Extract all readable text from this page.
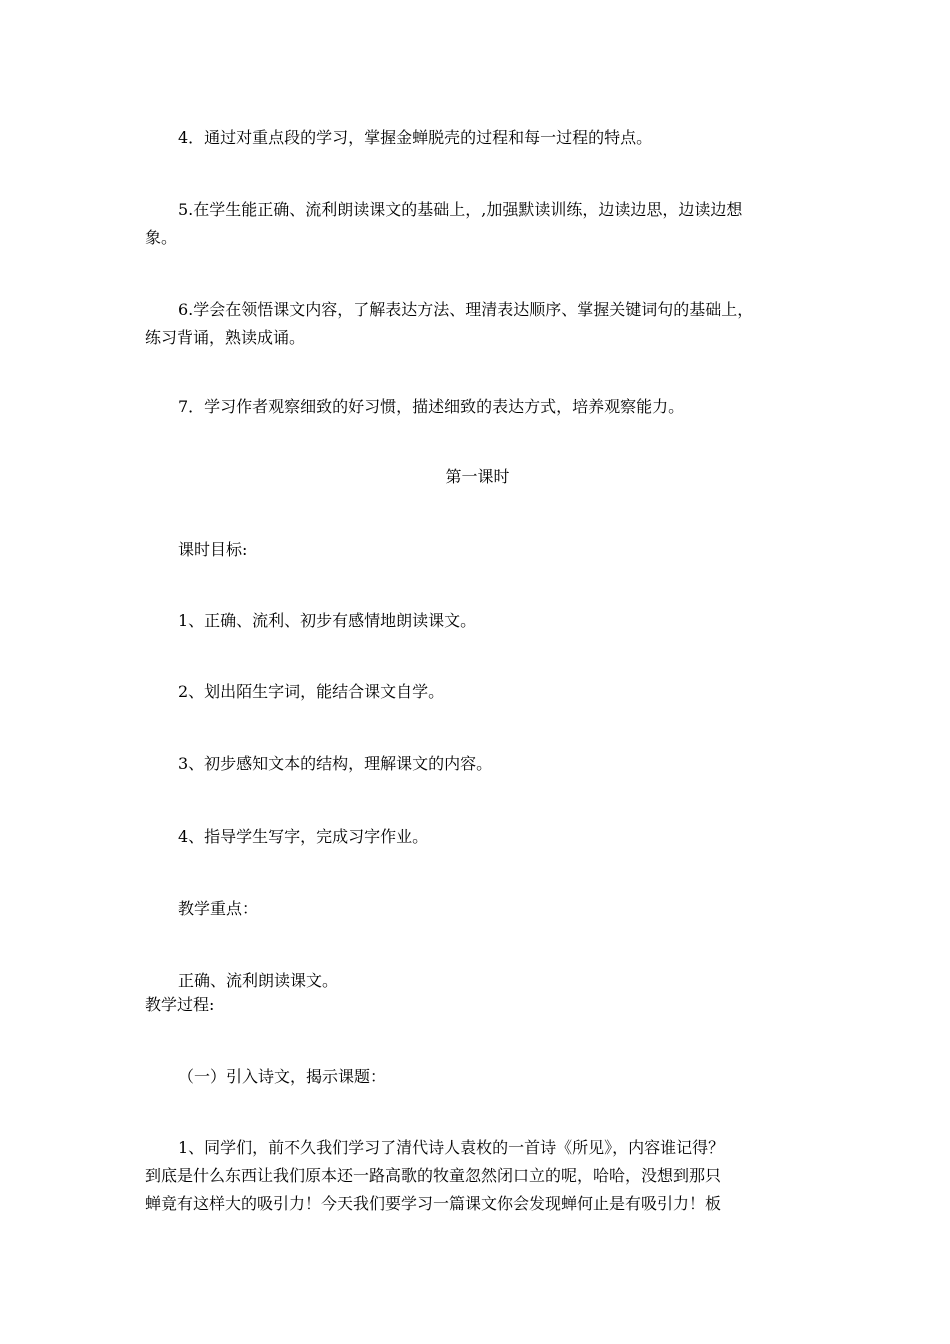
4．通过对重点段的学习，掌握金蝉脱壳的过程和每一过程的特点。

5.在学生能正确、流利朗读课文的基础上，,加强默读训练，边读边思，边读边想
象。
6.学会在领悟课文内容，了解表达方法、理清表达顺序、掌握关键词句的基础上，
练习背诵，熟读成诵。

7．学习作者观察细致的好习惯，描述细致的表达方式，培养观察能力。

第一课时

课时目标:

1、正确、流利、初步有感情地朗读课文。

2、划出陌生字词，能结合课文自学。

3、初步感知文本的结构，理解课文的内容。

4、指导学生写字，完成习字作业。

教学重点：

正确、流利朗读课文。

教学过程:

（一）引入诗文，揭示课题：

1、同学们，前不久我们学习了清代诗人袁枚的一首诗《所见》，内容谁记得？
到底是什么东西让我们原本还一路高歌的牧童忽然闭口立的呢，哈哈，没想到那只
蝉竟有这样大的吸引力！今天我们要学习一篇课文你会发现蝉何止是有吸引力！板
